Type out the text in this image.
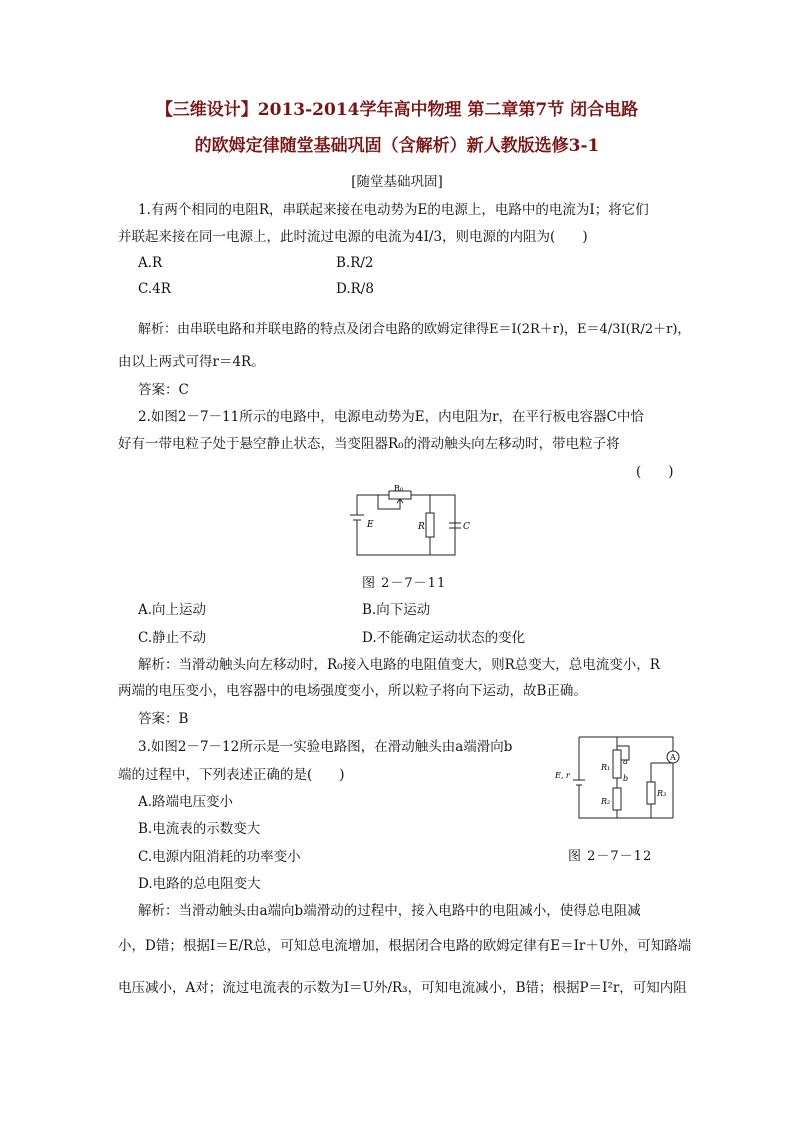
【三维设计】2013-2014学年高中物理 第二章第7节 闭合电路
的欧姆定律随堂基础巩固（含解析）新人教版选修3-1
[随堂基础巩固]
1.有两个相同的电阻R，串联起来接在电动势为E的电源上，电路中的电流为I；将它们
并联起来接在同一电源上，此时流过电源的电流为4I/3，则电源的内阻为(　　)
A.R	B.R/2
C.4R	D.R/8
解析：由串联电路和并联电路的特点及闭合电路的欧姆定律得E＝I(2R＋r)，E＝4/3I(R/2＋r)，
由以上两式可得r＝4R。
答案：C
2.如图2－7－11所示的电路中，电源电动势为E，内电阻为r，在平行板电容器C中恰
好有一带电粒子处于悬空静止状态，当变阻器R₀的滑动触头向左移动时，带电粒子将
(　　)
R₀
E	R	C
图 2－7－11
A.向上运动	B.向下运动
C.静止不动	D.不能确定运动状态的变化
解析：当滑动触头向左移动时，R₀接入电路的电阻值变大，则R总变大，总电流变小，R
两端的电压变小，电容器中的电场强度变小，所以粒子将向下运动，故B正确。
答案：B
3.如图2－7－12所示是一实验电路图，在滑动触头由a端滑向b
端的过程中，下列表述正确的是(　　)
A.路端电压变小
B.电流表的示数变大
C.电源内阻消耗的功率变小
D.电路的总电阻变大
A
a
b
R₁
R₂
R₃
E, r
图 2－7－12
解析：当滑动触头由a端向b端滑动的过程中，接入电路中的电阻减小，使得总电阻减
小，D错；根据I＝E/R总，可知总电流增加，根据闭合电路的欧姆定律有E＝Ir＋U外，可知路端
电压减小，A对；流过电流表的示数为I＝U外/R₃，可知电流减小，B错；根据P＝I²r，可知内阻
